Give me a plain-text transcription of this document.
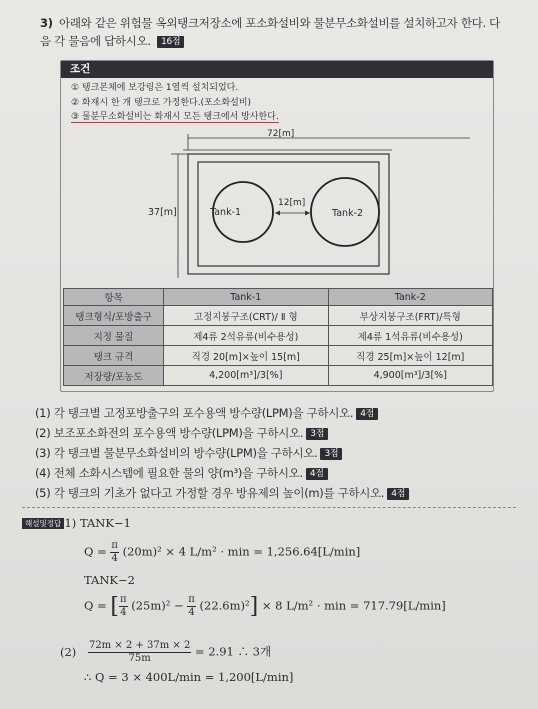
3) 아래와 같은 위험물 옥외탱크저장소에 포소화설비와 물분무소화설비를 설치하고자 한다. 다음 각 물음에 답하시오. 16점
조건
① 탱크본체에 보강링은 1열씩 설치되었다.
② 화재시 한 개 탱크로 가정한다.(포소화설비)
③ 물분무소화설비는 화재시 모든 탱크에서 방사한다.
72[m]
37[m]	Tank-1	Tank-2
12[m]
항목	Tank-1	Tank-2
탱크형식/포방출구	고정지붕구조(CRT)/ Ⅱ 형	부상지붕구조(FRT)/특형
지정 물질	제4류 2석유류(비수용성)	제4류 1석유류(비수용성)
탱크 규격	직경 20[m]×높이 15[m]	직경 25[m]×높이 12[m]
저장량/포농도	4,200[m³]/3[%]	4,900[m³]/3[%]
(1) 각 탱크별 고정포방출구의 포수용액 방수량(LPM)을 구하시오. 4점
(2) 보조포소화전의 포수용액 방수량(LPM)을 구하시오. 3점
(3) 각 탱크별 물분무소화설비의 방수량(LPM)을 구하시오. 3점
(4) 전체 소화시스템에 필요한 물의 양(m³)을 구하시오. 4점
(5) 각 탱크의 기초가 없다고 가정할 경우 방유제의 높이(m)를 구하시오. 4점
해설및정답
(1) TANK−1
$Q = \frac{\pi}{4} (20m)^2 \times 4$ L/m² · min = 1,256.64[L/min]
TANK−2
Q = [ $\frac{\pi}{4} (25m)^2 - \frac{\pi}{4} (22.6m)^2] \times 8$ L/m² · min = 717.79[L/min]
$(2) \frac{72m \times 2 + 37m \times 2}{75m} = 2.91$ ∴ 3개
∴ Q = 3 × 400L/min = 1,200[L/min]
